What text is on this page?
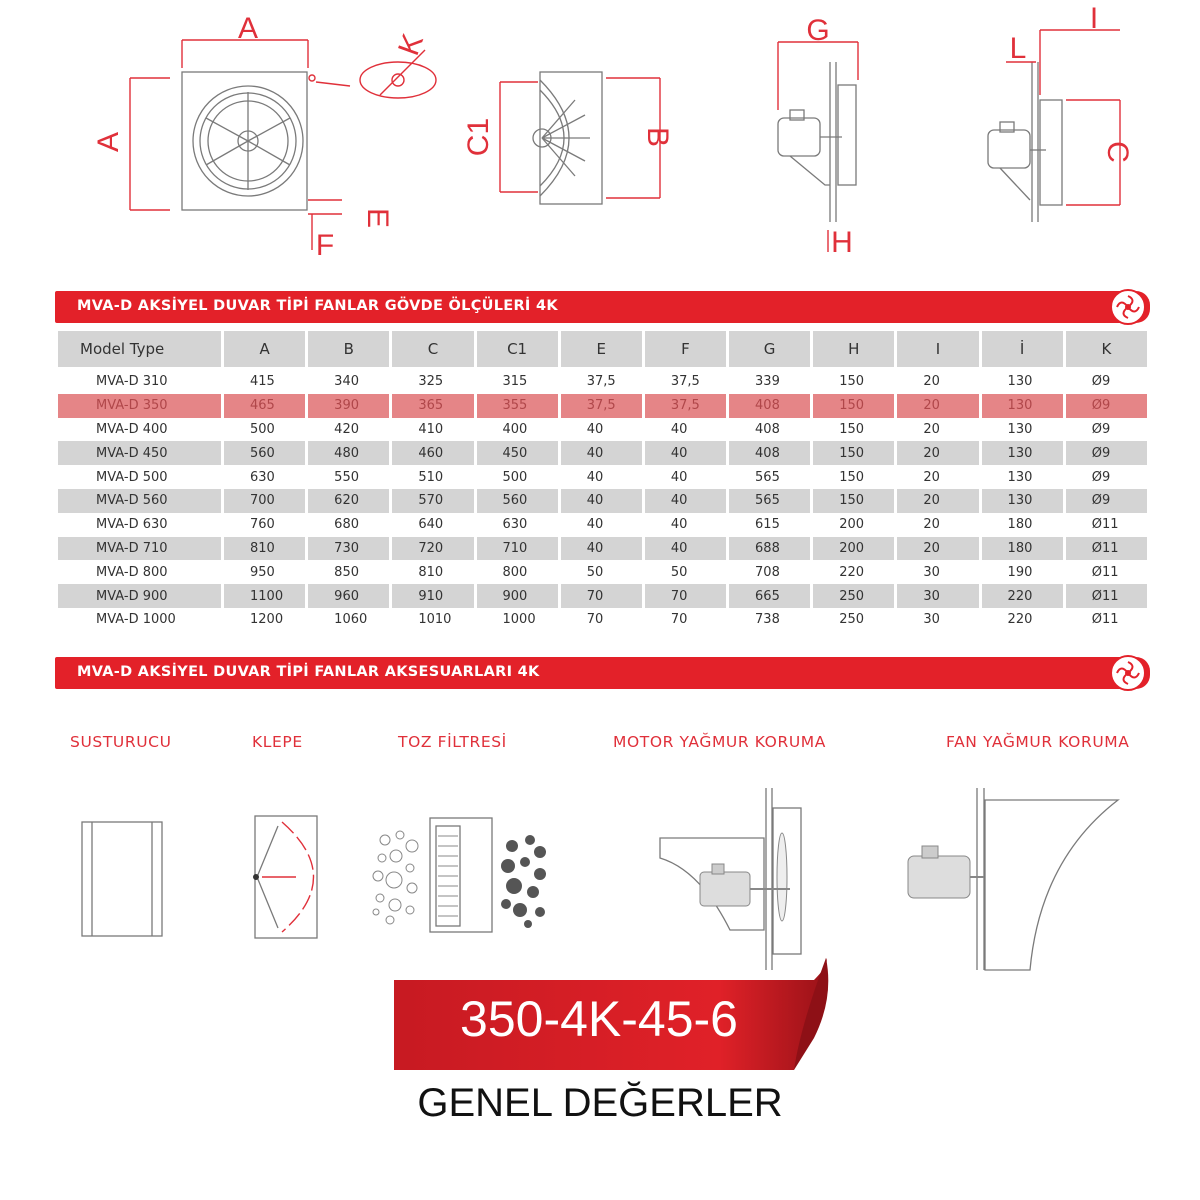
A
A
K
F
E
C1	B
G
H
I
L
C
MVA-D AKSİYEL DUVAR TİPİ FANLAR GÖVDE ÖLÇÜLERİ 4K
Model Type	A	B	C	C1	E	F	G	H	I	İ	K
MVA-D 310	415	340	325	315	37,5	37,5	339	150	20	130	Ø9
MVA-D 350	465	390	365	355	37,5	37,5	408	150	20	130	Ø9
MVA-D 400	500	420	410	400	40	40	408	150	20	130	Ø9
MVA-D 450	560	480	460	450	40	40	408	150	20	130	Ø9
MVA-D 500	630	550	510	500	40	40	565	150	20	130	Ø9
MVA-D 560	700	620	570	560	40	40	565	150	20	130	Ø9
MVA-D 630	760	680	640	630	40	40	615	200	20	180	Ø11
MVA-D 710	810	730	720	710	40	40	688	200	20	180	Ø11
MVA-D 800	950	850	810	800	50	50	708	220	30	190	Ø11
MVA-D 900	1100	960	910	900	70	70	665	250	30	220	Ø11
MVA-D 1000	1200	1060	1010	1000	70	70	738	250	30	220	Ø11
MVA-D AKSİYEL DUVAR TİPİ FANLAR AKSESUARLARI 4K
SUSTURUCU	KLEPE	TOZ FİLTRESİ	MOTOR YAĞMUR KORUMA	FAN YAĞMUR KORUMA
350-4K-45-6
GENEL DEĞERLER
